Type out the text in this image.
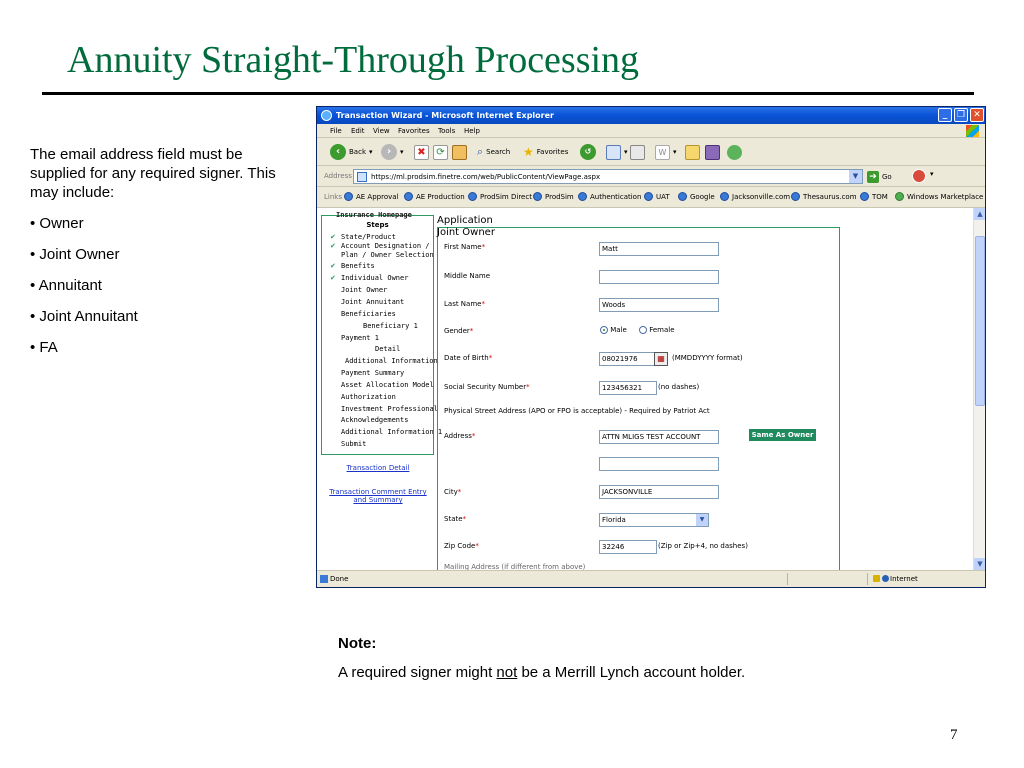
Annuity Straight-Through Processing
The email address field must be supplied for any required signer. This may include:
• Owner
• Joint Owner
• Annuitant
• Joint Annuitant
• FA
Note:
A required signer might not be a Merrill Lynch account holder.
7
Transaction Wizard - Microsoft Internet Explorer	_	❐ ✕
File Edit View Favorites Tools Help
‹	Back ▾	›	▾	✖	⟳	⌕ Search ★ Favorites	↺	▾	W ▾
Address	https://ml.prodsim.finetre.com/web/PublicContent/ViewPage.aspx	▼	➔ Go	▾
Links AE Approval	AE Production ProdSim Direct ProdSim Authentication UAT	Google Jacksonville.com Thesaurus.com TOM	Windows Marketplace
Insurance Homepage
Steps
✔ State/Product
✔ Account Designation /
Plan / Owner Selection
✔ Benefits
✔ Individual Owner
Joint Owner
Joint Annuitant
Beneficiaries
Beneficiary 1
Payment 1
Detail
Additional Information
Payment Summary
Asset Allocation Model
Authorization
Investment Professional
Acknowledgements
Additional Information 1
Submit
Transaction Detail
Transaction Comment Entry
and Summary
Application
Joint Owner
First Name*	Matt
Middle Name
Last Name*	Woods
Gender*	Male	Female
Date of Birth*	08021976	▦	(MMDDYYYY format)
Social Security Number*	123456321	(no dashes)
Physical Street Address (APO or FPO is acceptable) - Required by Patriot Act
Address*	ATTN MLIGS TEST ACCOUNT	Same As Owner
City*	JACKSONVILLE
State*	Florida	▼
Zip Code*	32246	(Zip or Zip+4, no dashes)
Mailing Address (if different from above)
▲
▼
Done	Internet
